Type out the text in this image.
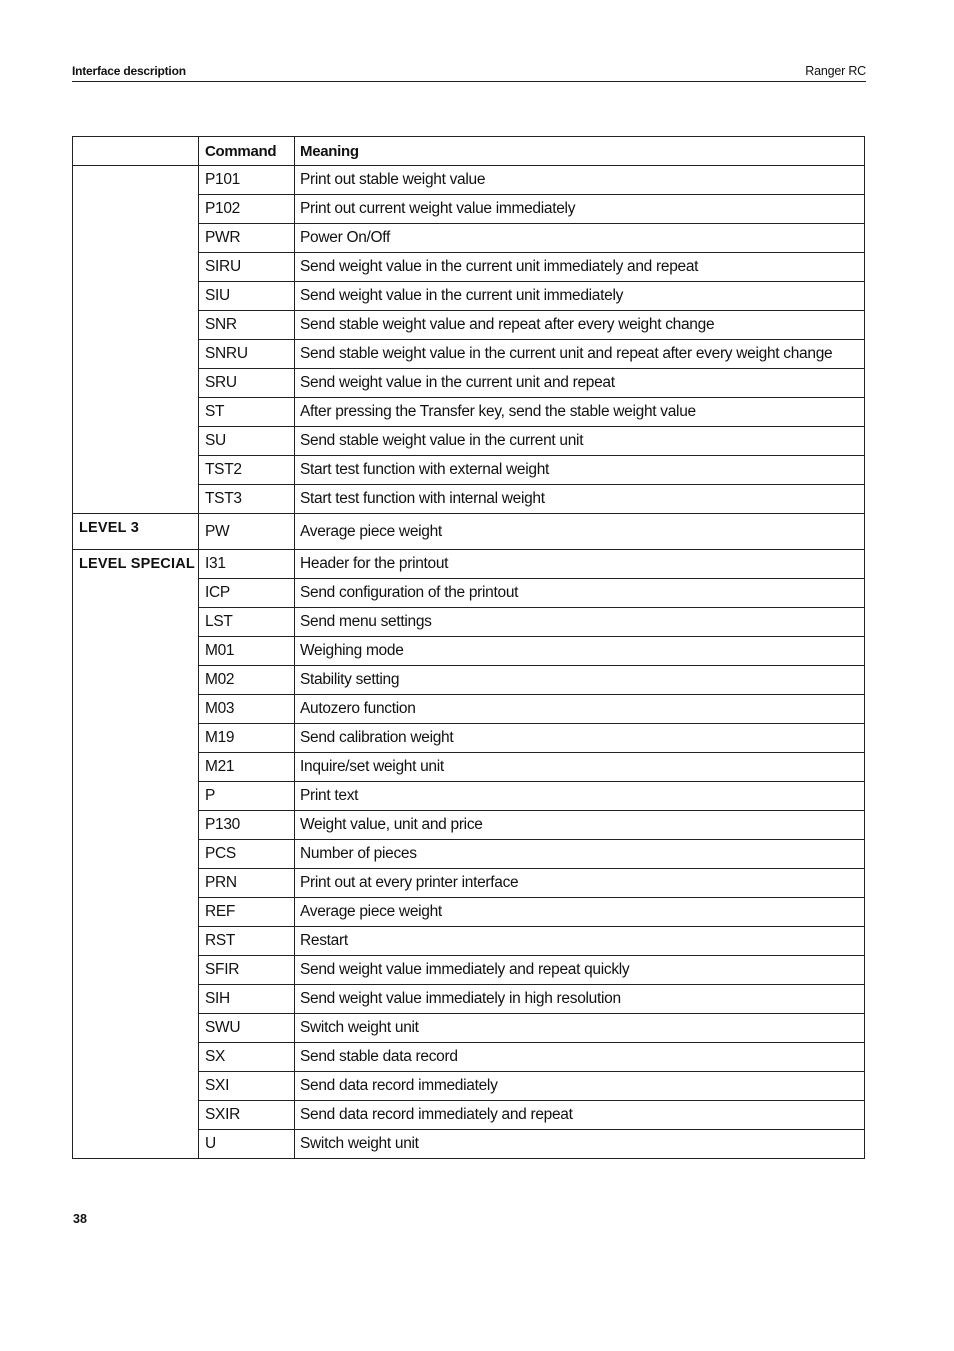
Interface description	Ranger RC
	Command	Meaning
	P101	Print out stable weight value
	P102	Print out current weight value immediately
	PWR	Power On/Off
	SIRU	Send weight value in the current unit immediately and repeat
	SIU	Send weight value in the current unit immediately
	SNR	Send stable weight value and repeat after every weight change
	SNRU	Send stable weight value in the current unit and repeat after every weight change
	SRU	Send weight value in the current unit and repeat
	ST	After pressing the Transfer key, send the stable weight value
	SU	Send stable weight value in the current unit
	TST2	Start test function with external weight
	TST3	Start test function with internal weight
LEVEL 3	PW	Average piece weight
LEVEL SPECIAL	I31	Header for the printout
	ICP	Send configuration of the printout
	LST	Send menu settings
	M01	Weighing mode
	M02	Stability setting
	M03	Autozero function
	M19	Send calibration weight
	M21	Inquire/set weight unit
	P	Print text
	P130	Weight value, unit and price
	PCS	Number of pieces
	PRN	Print out at every printer interface
	REF	Average piece weight
	RST	Restart
	SFIR	Send weight value immediately and repeat quickly
	SIH	Send weight value immediately in high resolution
	SWU	Switch weight unit
	SX	Send stable data record
	SXI	Send data record immediately
	SXIR	Send data record immediately and repeat
	U	Switch weight unit
38
